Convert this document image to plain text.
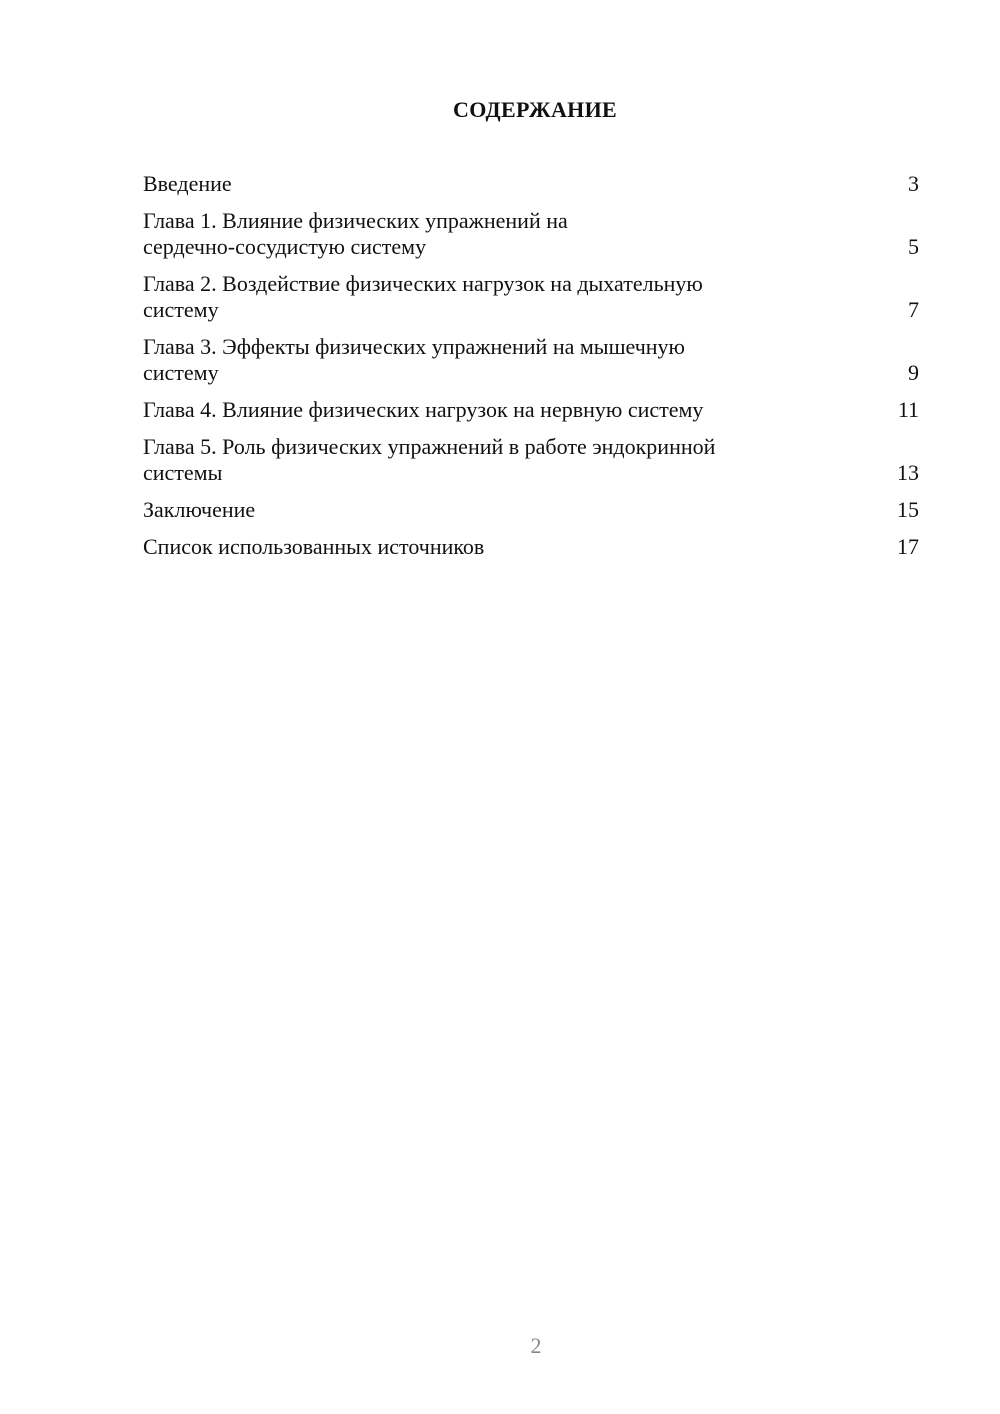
СОДЕРЖАНИЕ
Введение	3
Глава 1. Влияние физических упражнений на
сердечно-сосудистую систему	5
Глава 2. Воздействие физических нагрузок на дыхательную
систему	7
Глава 3. Эффекты физических упражнений на мышечную
систему	9
Глава 4. Влияние физических нагрузок на нервную систему	11
Глава 5. Роль физических упражнений в работе эндокринной
системы	13
Заключение	15
Список использованных источников	17
2
